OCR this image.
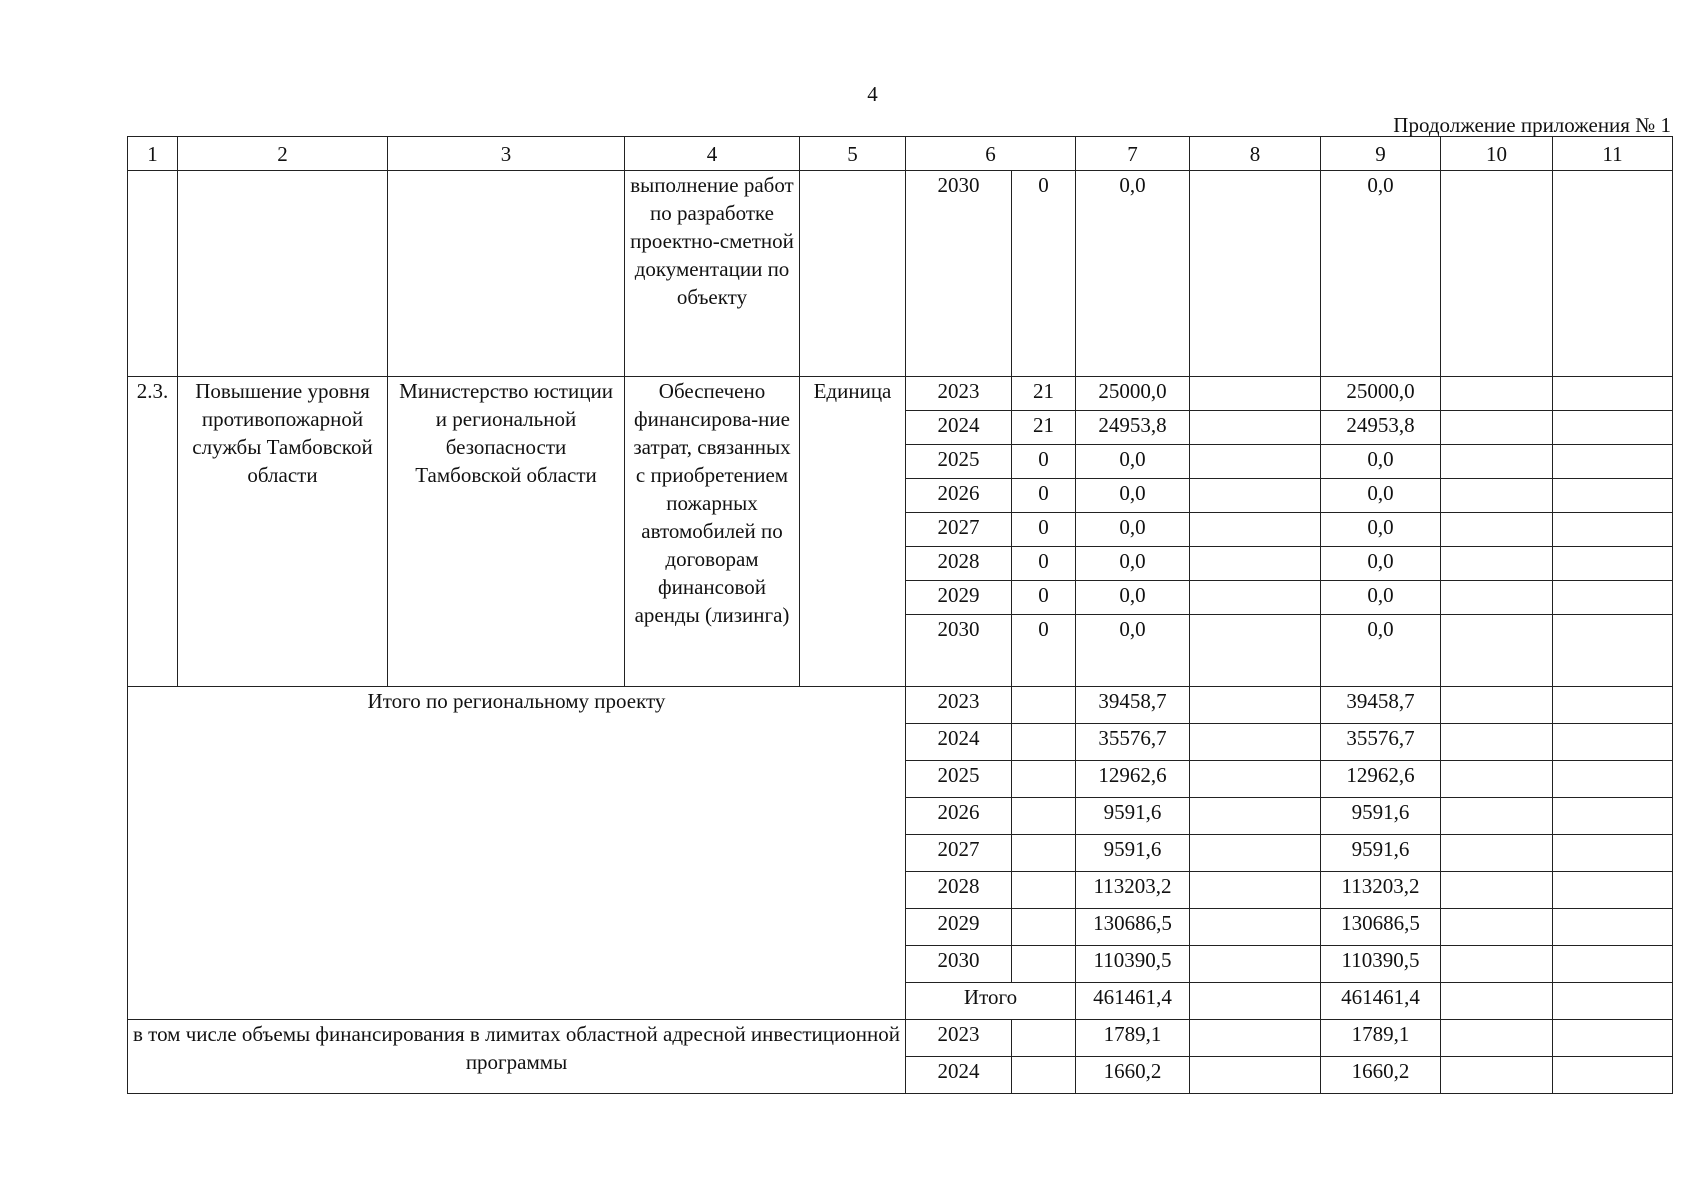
4
Продолжение приложения № 1
1	2	3	4	5	6		7	8	9	10	11
			выполнение работ по разработке проектно-сметной документации по объекту		2030	0	0,0		0,0		
2.3.	Повышение уровня противопожарной службы Тамбовской области	Министерство юстиции и региональной безопасности Тамбовской области	Обеспечено финансирова-ние затрат, связанных с приобретением пожарных автомобилей по договорам финансовой аренды (лизинга)	Единица	2023	21	25000,0		25000,0		
					2024	21	24953,8		24953,8		
					2025	0	0,0		0,0		
					2026	0	0,0		0,0		
					2027	0	0,0		0,0		
					2028	0	0,0		0,0		
					2029	0	0,0		0,0		
					2030	0	0,0		0,0		
Итого по региональному проекту					2023		39458,7		39458,7		
					2024		35576,7		35576,7		
					2025		12962,6		12962,6		
					2026		9591,6		9591,6		
					2027		9591,6		9591,6		
					2028		113203,2		113203,2		
					2029		130686,5		130686,5		
					2030		110390,5		110390,5		
					Итого		461461,4		461461,4		
в том числе объемы финансирования в лимитах областной адресной инвестиционной программы					2023		1789,1		1789,1		
					2024		1660,2		1660,2		
